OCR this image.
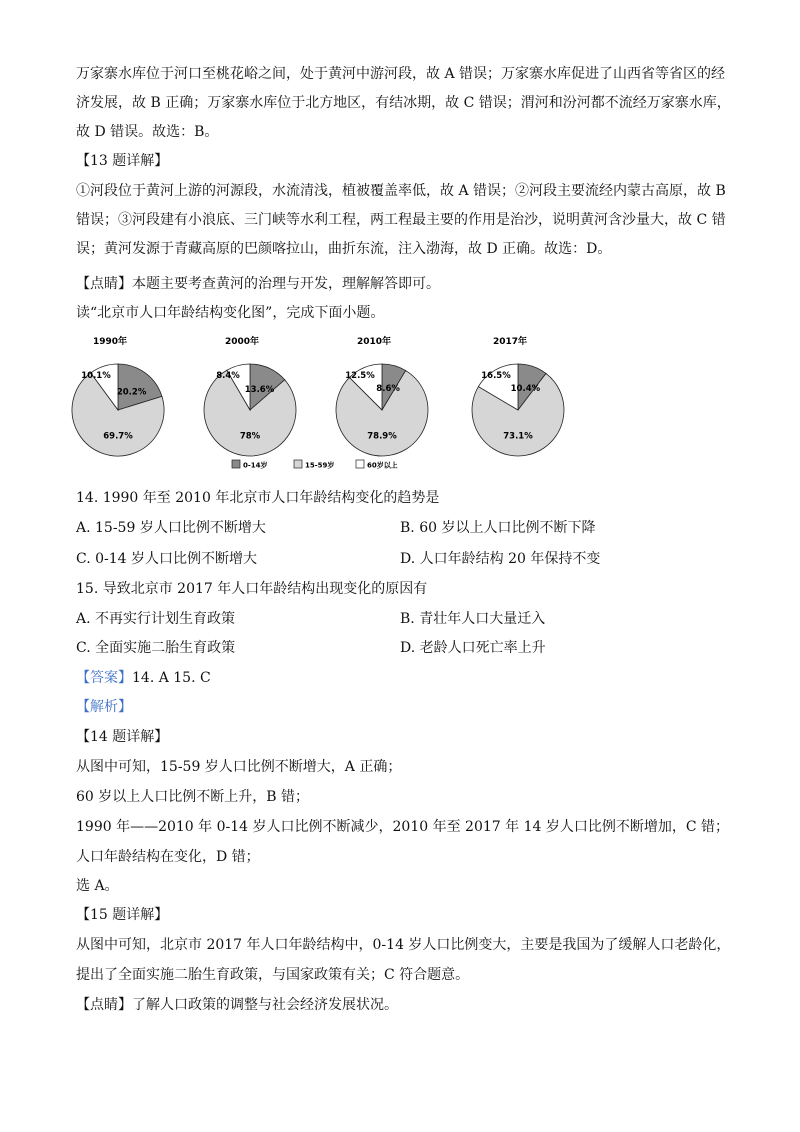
万家寨水库位于河口至桃花峪之间，处于黄河中游河段，故 A 错误；万家寨水库促进了山西省等省区的经
济发展，故 B 正确；万家寨水库位于北方地区，有结冰期，故 C 错误；渭河和汾河都不流经万家寨水库，
故 D 错误。故选：B。
【13 题详解】
①河段位于黄河上游的河源段，水流清浅，植被覆盖率低，故 A 错误；②河段主要流经内蒙古高原，故 B
错误；③河段建有小浪底、三门峡等水利工程，两工程最主要的作用是治沙，说明黄河含沙量大，故 C 错
误；黄河发源于青藏高原的巴颜喀拉山，曲折东流，注入渤海，故 D 正确。故选：D。
【点睛】本题主要考查黄河的治理与开发，理解解答即可。
读“北京市人口年龄结构变化图”，完成下面小题。
1990年
20.2%
69.7%
10.1%
2000年
13.6%
78%
8.4%
2010年
8.6%
78.9%
12.5%
2017年
10.4%
73.1%
16.5%
0-14岁	15-59岁	60岁以上
14. 1990 年至 2010 年北京市人口年龄结构变化的趋势是
A. 15-59 岁人口比例不断增大	B. 60 岁以上人口比例不断下降
C. 0-14 岁人口比例不断增大	D. 人口年龄结构 20 年保持不变
15. 导致北京市 2017 年人口年龄结构出现变化的原因有
A. 不再实行计划生育政策	B. 青壮年人口大量迁入
C. 全面实施二胎生育政策	D. 老龄人口死亡率上升
【答案】14. A 15. C
【解析】
【14 题详解】
从图中可知，15-59 岁人口比例不断增大，A 正确；
60 岁以上人口比例不断上升，B 错；
1990 年——2010 年 0-14 岁人口比例不断减少，2010 年至 2017 年 14 岁人口比例不断增加，C 错；
人口年龄结构在变化，D 错；
选 A。
【15 题详解】
从图中可知，北京市 2017 年人口年龄结构中，0-14 岁人口比例变大，主要是我国为了缓解人口老龄化，
提出了全面实施二胎生育政策，与国家政策有关；C 符合题意。
【点睛】了解人口政策的调整与社会经济发展状况。
